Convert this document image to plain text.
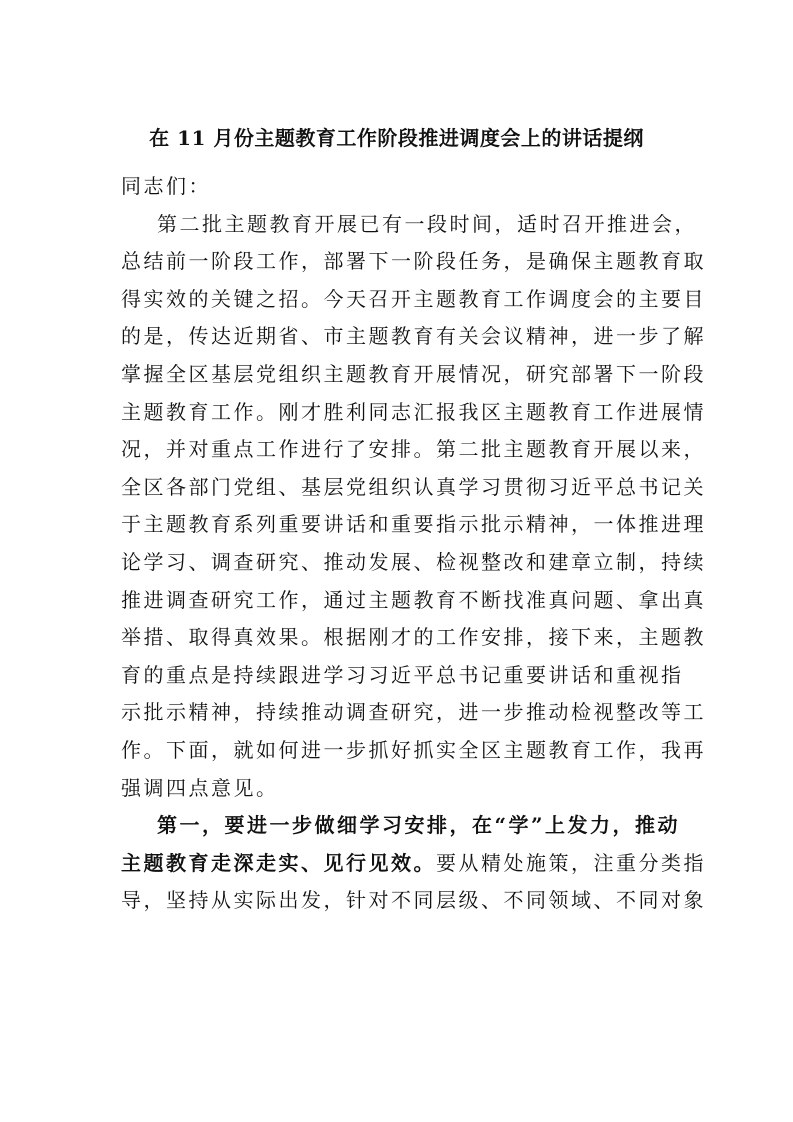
在 11 月份主题教育工作阶段推进调度会上的讲话提纲
同志们：
第二批主题教育开展已有一段时间，适时召开推进会，
总结前一阶段工作，部署下一阶段任务，是确保主题教育取
得实效的关键之招。今天召开主题教育工作调度会的主要目
的是，传达近期省、市主题教育有关会议精神，进一步了解
掌握全区基层党组织主题教育开展情况，研究部署下一阶段
主题教育工作。刚才胜利同志汇报我区主题教育工作进展情
况，并对重点工作进行了安排。第二批主题教育开展以来，
全区各部门党组、基层党组织认真学习贯彻习近平总书记关
于主题教育系列重要讲话和重要指示批示精神，一体推进理
论学习、调查研究、推动发展、检视整改和建章立制，持续
推进调查研究工作，通过主题教育不断找准真问题、拿出真
举措、取得真效果。根据刚才的工作安排，接下来，主题教
育的重点是持续跟进学习习近平总书记重要讲话和重视指
示批示精神，持续推动调查研究，进一步推动检视整改等工
作。下面，就如何进一步抓好抓实全区主题教育工作，我再
强调四点意见。
第一，要进一步做细学习安排，在“学”上发力，推动
主题教育走深走实、见行见效。要从精处施策，注重分类指
导，坚持从实际出发，针对不同层级、不同领域、不同对象
